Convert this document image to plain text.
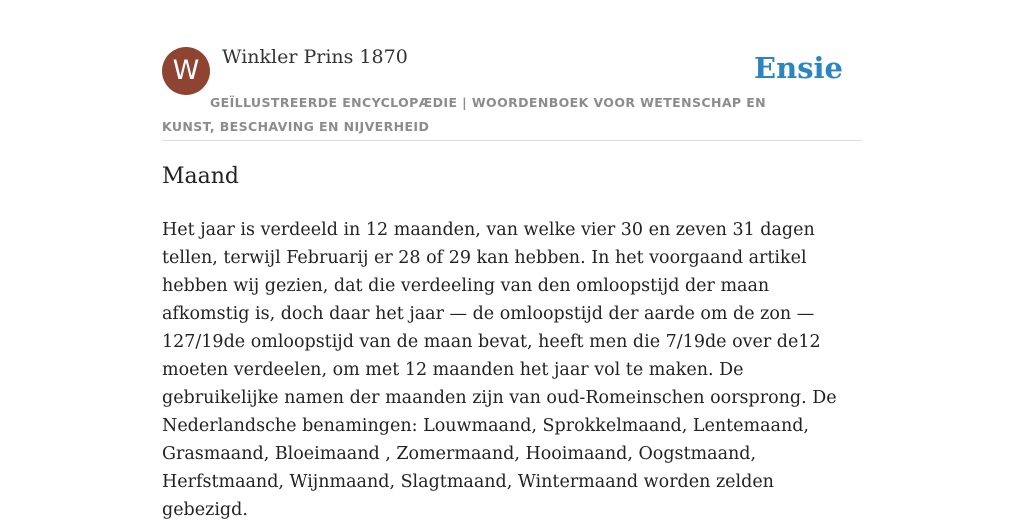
W	Winkler Prins 1870
GEÏLLUSTREERDE ENCYCLOPÆDIE | WOORDENBOEK VOOR WETENSCHAP EN KUNST, BESCHAVING EN NIJVERHEID
Ensie
Maand

Het jaar is verdeeld in 12 maanden, van welke vier 30 en zeven 31 dagen tellen, terwijl Februarij er 28 of 29 kan hebben. In het voorgaand artikel hebben wij gezien, dat die verdeeling van den omloopstijd der maan afkomstig is, doch daar het jaar — de omloopstijd der aarde om de zon — 127/19de omloopstijd van de maan bevat, heeft men die 7/19de over de12 moeten verdeelen, om met 12 maanden het jaar vol te maken. De gebruikelijke namen der maanden zijn van oud-Romeinschen oorsprong. De Nederlandsche benamingen: Louwmaand, Sprokkelmaand, Lentemaand, Grasmaand, Bloeimaand , Zomermaand, Hooimaand, Oogstmaand, Herfstmaand, Wijnmaand, Slagtmaand, Wintermaand worden zelden gebezigd.
